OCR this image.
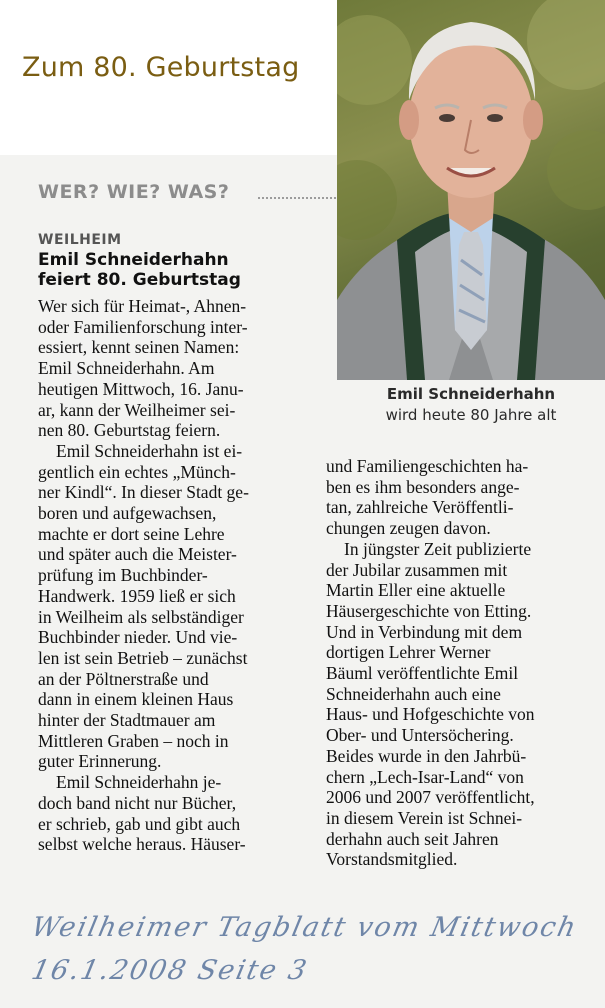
Zum 80. Geburtstag
WER? WIE? WAS?
Emil Schneiderhahn
wird heute 80 Jahre alt
WEILHEIM
Emil Schneiderhahn
feiert 80. Geburtstag
Wer sich für Heimat-, Ahnen-
oder Familienforschung inter-
essiert, kennt seinen Namen:
Emil Schneiderhahn. Am
heutigen Mittwoch, 16. Janu-
ar, kann der Weilheimer sei-
nen 80. Geburtstag feiern.
Emil Schneiderhahn ist ei-
gentlich ein echtes „Münch-
ner Kindl“. In dieser Stadt ge-
boren und aufgewachsen,
machte er dort seine Lehre
und später auch die Meister-
prüfung im Buchbinder-
Handwerk. 1959 ließ er sich
in Weilheim als selbständiger
Buchbinder nieder. Und vie-
len ist sein Betrieb – zunächst
an der Pöltnerstraße und
dann in einem kleinen Haus
hinter der Stadtmauer am
Mittleren Graben – noch in
guter Erinnerung.
Emil Schneiderhahn je-
doch band nicht nur Bücher,
er schrieb, gab und gibt auch
selbst welche heraus. Häuser-
und Familiengeschichten ha-
ben es ihm besonders ange-
tan, zahlreiche Veröffentli-
chungen zeugen davon.
In jüngster Zeit publizierte
der Jubilar zusammen mit
Martin Eller eine aktuelle
Häusergeschichte von Etting.
Und in Verbindung mit dem
dortigen Lehrer Werner
Bäuml veröffentlichte Emil
Schneiderhahn auch eine
Haus- und Hofgeschichte von
Ober- und Untersöchering.
Beides wurde in den Jahrbü-
chern „Lech-Isar-Land“ von
2006 und 2007 veröffentlicht,
in diesem Verein ist Schnei-
derhahn auch seit Jahren
Vorstandsmitglied.
Weilheimer Tagblatt vom Mittwoch
16.1.2008 Seite 3
